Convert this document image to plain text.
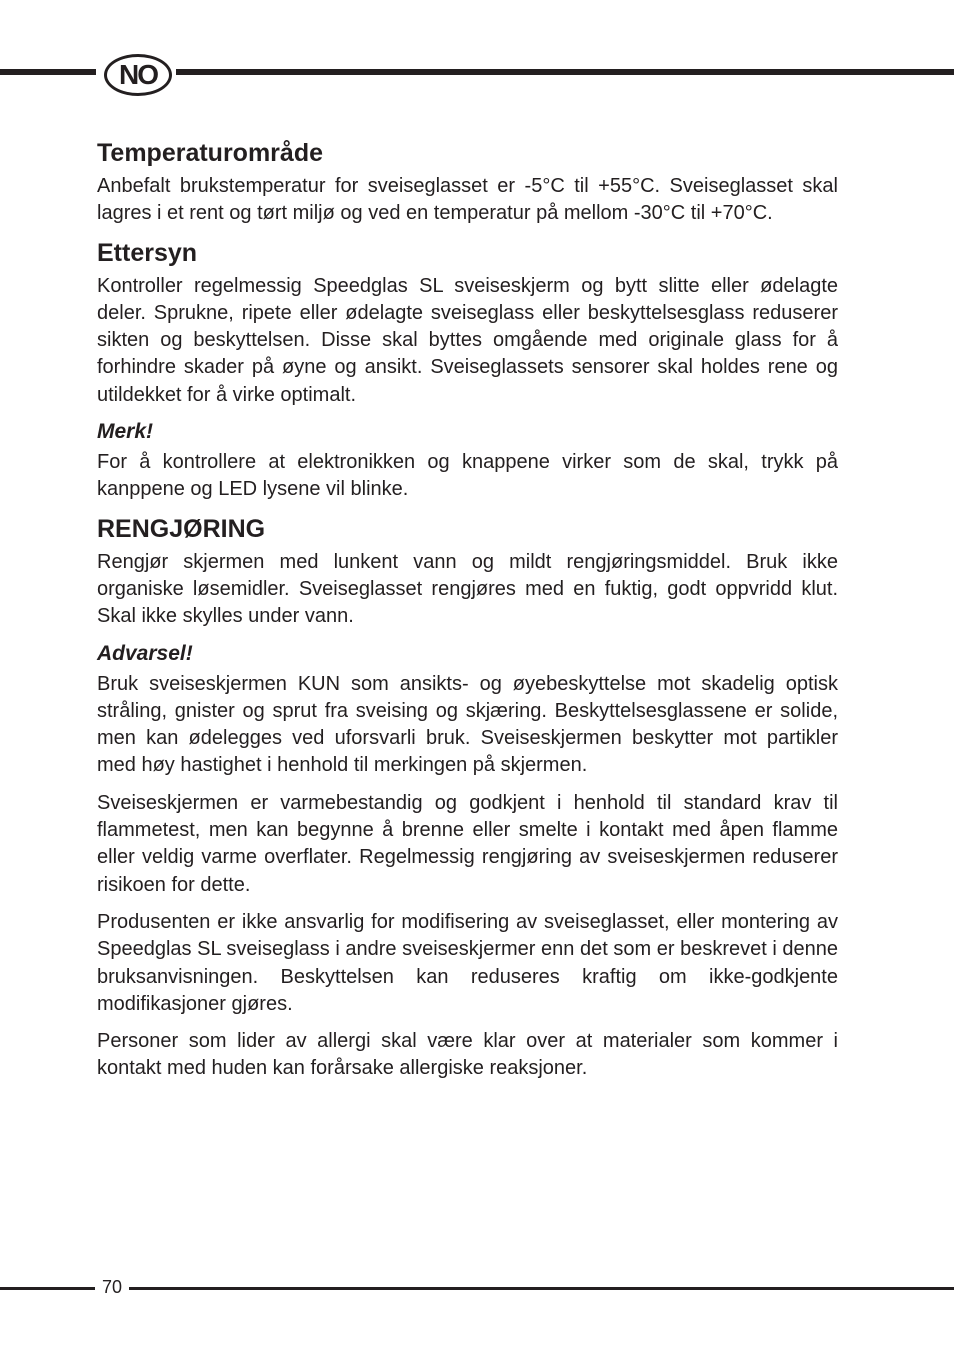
NO
Temperaturområde

Anbefalt brukstemperatur for sveiseglasset er -5°C til +55°C. Sveiseglasset skal lagres i et rent og tørt miljø og ved en temperatur på mellom -30°C til +70°C.

Ettersyn

Kontroller regelmessig Speedglas SL sveiseskjerm og bytt slitte eller ødelagte deler. Sprukne, ripete eller ødelagte sveiseglass eller beskyttelsesglass reduserer sikten og beskyttelsen. Disse skal byttes omgående med originale glass for å forhindre skader på øyne og ansikt. Sveiseglassets sensorer skal holdes rene og utildekket for å virke optimalt.

Merk!

For å kontrollere at elektronikken og knappene virker som de skal, trykk på kanppene og LED lysene vil blinke.

RENGJØRING

Rengjør skjermen med lunkent vann og mildt rengjøringsmiddel. Bruk ikke organiske løsemidler. Sveiseglasset rengjøres med en fuktig, godt oppvridd klut. Skal ikke skylles under vann.

Advarsel!

Bruk sveiseskjermen KUN som ansikts- og øyebeskyttelse mot skadelig optisk stråling, gnister og sprut fra sveising og skjæring. Beskyttelsesglassene er solide, men kan ødelegges ved uforsvarli bruk. Sveiseskjermen beskytter mot partikler med høy hastighet i henhold til merkingen på skjermen.

Sveiseskjermen er varmebestandig og godkjent i henhold til standard krav til flammetest, men kan begynne å brenne eller smelte i kontakt med åpen flamme eller veldig varme overflater. Regelmessig rengjøring av sveiseskjermen reduserer risikoen for dette.

Produsenten er ikke ansvarlig for modifisering av sveiseglasset, eller montering av Speedglas SL sveiseglass i andre sveiseskjermer enn det som er beskrevet i denne bruksanvisningen. Beskyttelsen kan reduseres kraftig om ikke-godkjente modifikasjoner gjøres.

Personer som lider av allergi skal være klar over at materialer som kommer i kontakt med huden kan forårsake allergiske reaksjoner.

70
